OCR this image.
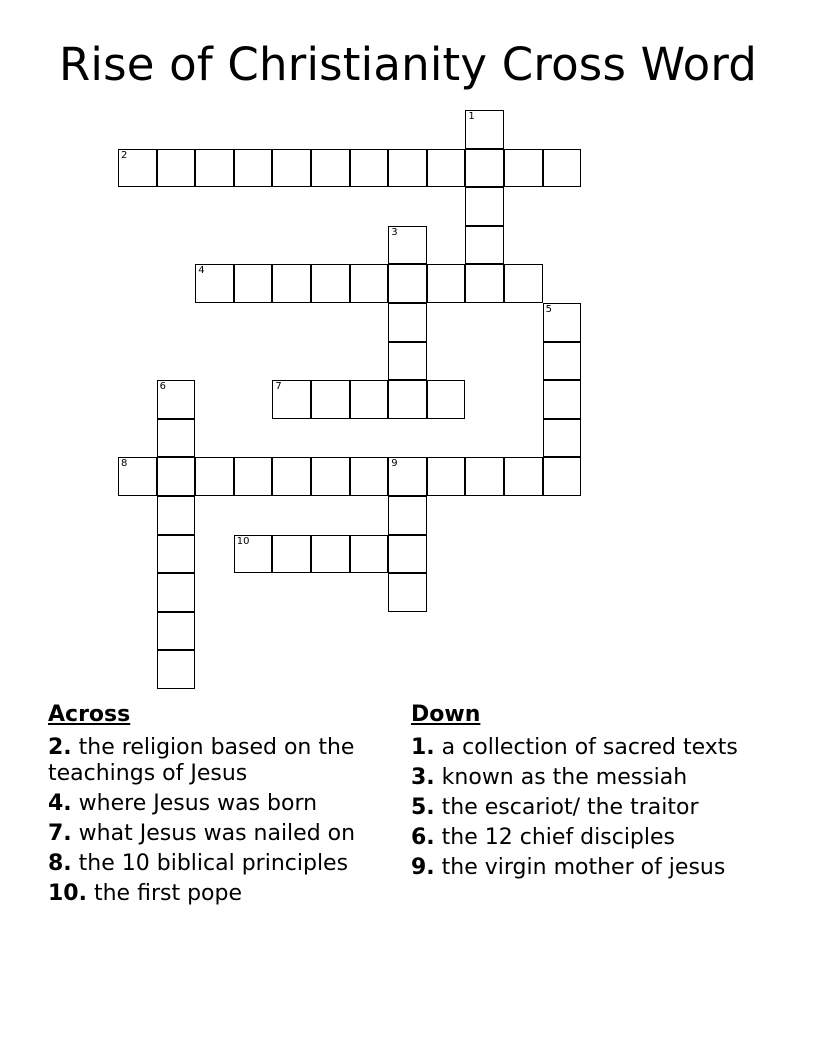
Rise of Christianity Cross Word
2
4
7
8	9
10
1
3
5
6
Across
2. the religion based on the teachings of Jesus
4. where Jesus was born
7. what Jesus was nailed on
8. the 10 biblical principles
10. the first pope
Down
1. a collection of sacred texts
3. known as the messiah
5. the escariot/ the traitor
6. the 12 chief disciples
9. the virgin mother of jesus
